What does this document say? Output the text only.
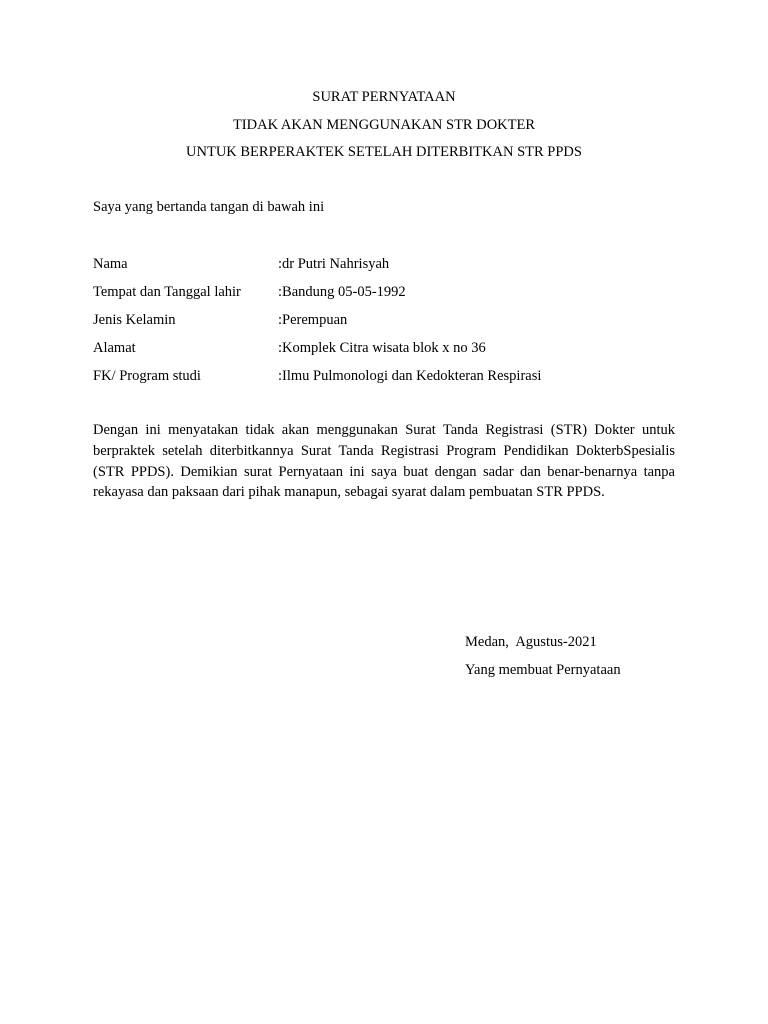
SURAT PERNYATAAN
TIDAK AKAN MENGGUNAKAN STR DOKTER
UNTUK BERPERAKTEK SETELAH DITERBITKAN STR PPDS
Saya yang bertanda tangan di bawah ini
Nama	:dr Putri Nahrisyah
Tempat dan Tanggal lahir	:Bandung 05-05-1992
Jenis Kelamin	:Perempuan
Alamat	:Komplek Citra wisata blok x no 36
FK/ Program studi	:Ilmu Pulmonologi dan Kedokteran Respirasi

Dengan ini menyatakan tidak akan menggunakan Surat Tanda Registrasi (STR) Dokter untuk berpraktek setelah diterbitkannya Surat Tanda Registrasi Program Pendidikan DokterbSpesialis (STR PPDS). Demikian surat Pernyataan ini saya buat dengan sadar dan benar-benarnya tanpa rekayasa dan paksaan dari pihak manapun, sebagai syarat dalam pembuatan STR PPDS.

Medan,  Agustus-2021
Yang membuat Pernyataan
